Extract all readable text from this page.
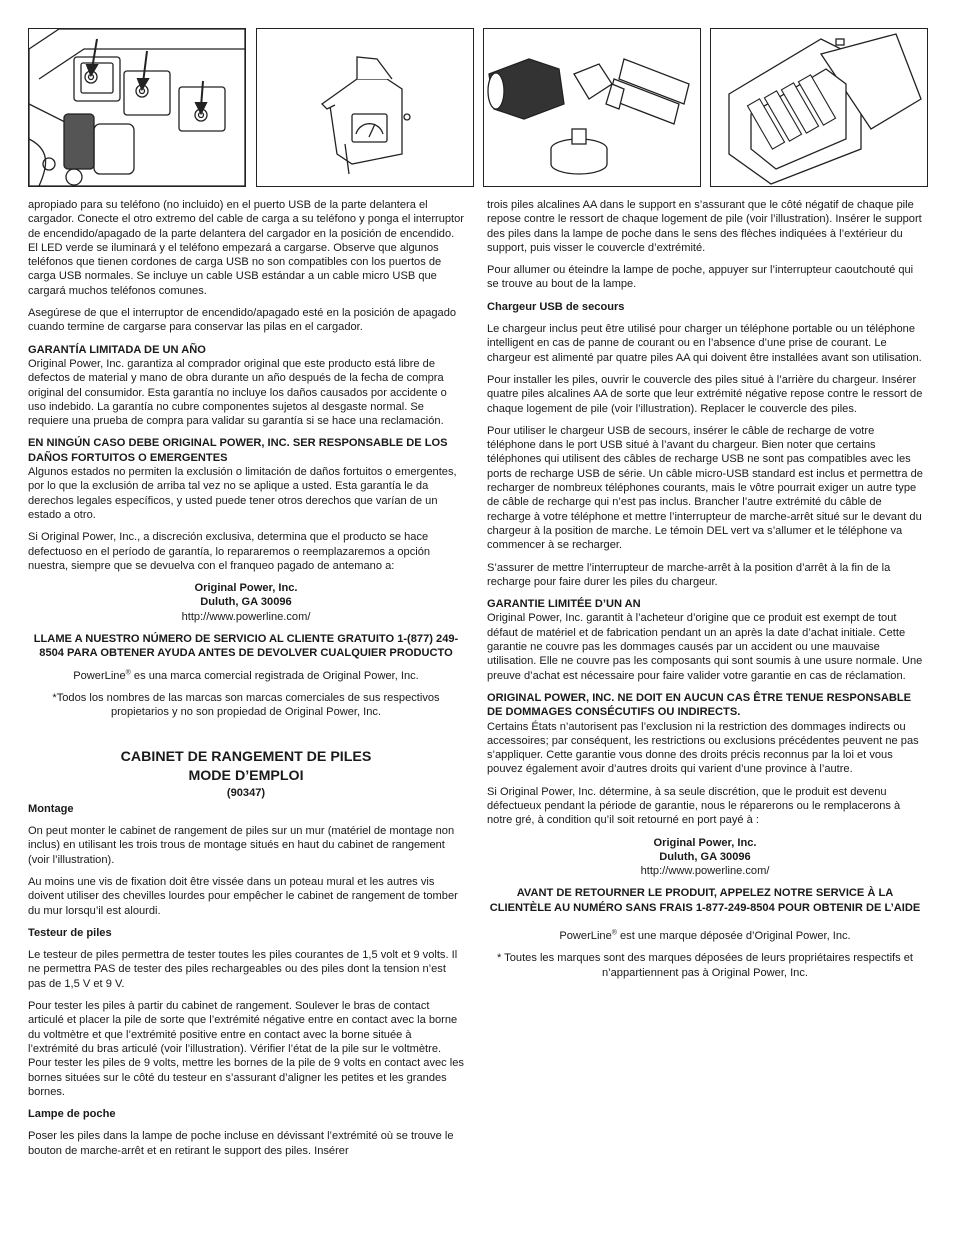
apropiado para su teléfono (no incluido) en el puerto USB de la parte delantera el cargador. Conecte el otro extremo del cable de carga a su teléfono y ponga el interruptor de encendido/apagado de la parte delantera del cargador en la posición de encendido. El LED verde se iluminará y el teléfono empezará a cargarse. Observe que algunos teléfonos que tienen cordones de carga USB no son compatibles con los puertos de carga USB normales. Se incluye un cable USB estándar a un cable micro USB que cargará muchos teléfonos comunes.

Asegúrese de que el interruptor de encendido/apagado esté en la posición de apagado cuando termine de cargarse para conservar las pilas en el cargador.

GARANTÍA LIMITADA DE UN AÑO

Original Power, Inc. garantiza al comprador original que este producto está libre de defectos de material y mano de obra durante un año después de la fecha de compra original del consumidor. Esta garantía no incluye los daños causados por accidente o uso indebido. La garantía no cubre componentes sujetos al desgaste normal. Se requiere una prueba de compra para validar su garantía si se hace una reclamación.

EN NINGÚN CASO DEBE ORIGINAL POWER, INC. SER RESPONSABLE DE LOS DAÑOS FORTUITOS O EMERGENTES

Algunos estados no permiten la exclusión o limitación de daños fortuitos o emergentes, por lo que la exclusión de arriba tal vez no se aplique a usted. Esta garantía le da derechos legales específicos, y usted puede tener otros derechos que varían de un estado a otro.

Si Original Power, Inc., a discreción exclusiva, determina que el producto se hace defectuoso en el período de garantía, lo repararemos o reemplazaremos a opción nuestra, siempre que se devuelva con el franqueo pagado de antemano a:

Original Power, Inc.
Duluth, GA 30096
http://www.powerline.com/

LLAME A NUESTRO NÚMERO DE SERVICIO AL CLIENTE GRATUITO 1-(877) 249-8504 PARA OBTENER AYUDA ANTES DE DEVOLVER CUALQUIER PRODUCTO

PowerLine® es una marca comercial registrada de Original Power, Inc.

*Todos los nombres de las marcas son marcas comerciales de sus respectivos propietarios y no son propiedad de Original Power, Inc.

CABINET DE RANGEMENT DE PILES
MODE D’EMPLOI
(90347)

Montage

On peut monter le cabinet de rangement de piles sur un mur (matériel de montage non inclus) en utilisant les trois trous de montage situés en haut du cabinet de rangement (voir l’illustration).

Au moins une vis de fixation doit être vissée dans un poteau mural et les autres vis doivent utiliser des chevilles lourdes pour empêcher le cabinet de rangement de tomber du mur lorsqu’il est alourdi.

Testeur de piles

Le testeur de piles permettra de tester toutes les piles courantes de 1,5 volt et 9 volts. Il ne permettra PAS de tester des piles rechargeables ou des piles dont la tension n’est pas de 1,5 V et 9 V.

Pour tester les piles à partir du cabinet de rangement. Soulever le bras de contact articulé et placer la pile de sorte que l’extrémité négative entre en contact avec la borne du voltmètre et que l’extrémité positive entre en contact avec la borne située à l’extrémité du bras articulé (voir l’illustration). Vérifier l’état de la pile sur le voltmètre. Pour tester les piles de 9 volts, mettre les bornes de la pile de 9 volts en contact avec les bornes situées sur le côté du testeur en s’assurant d’aligner les petites et les grandes bornes.

Lampe de poche

Poser les piles dans la lampe de poche incluse en dévissant l’extrémité où se trouve le bouton de marche-arrêt et en retirant le support des piles. Insérer

trois piles alcalines AA dans le support en s’assurant que le côté négatif de chaque pile repose contre le ressort de chaque logement de pile (voir l’illustration). Insérer le support des piles dans la lampe de poche dans le sens des flèches indiquées à l’extérieur du support, puis visser le couvercle d’extrémité.

Pour allumer ou éteindre la lampe de poche, appuyer sur l’interrupteur caoutchouté qui se trouve au bout de la lampe.

Chargeur USB de secours

Le chargeur inclus peut être utilisé pour charger un téléphone portable ou un téléphone intelligent en cas de panne de courant ou en l’absence d’une prise de courant. Le chargeur est alimenté par quatre piles AA qui doivent être installées avant son utilisation.

Pour installer les piles, ouvrir le couvercle des piles situé à l’arrière du chargeur. Insérer quatre piles alcalines AA de sorte que leur extrémité négative repose contre le ressort de chaque logement de pile (voir l’illustration). Replacer le couvercle des piles.

Pour utiliser le chargeur USB de secours, insérer le câble de recharge de votre téléphone dans le port USB situé à l’avant du chargeur. Bien noter que certains téléphones qui utilisent des câbles de recharge USB ne sont pas compatibles avec les ports de recharge USB de série. Un câble micro-USB standard est inclus et permettra de recharger de nombreux téléphones courants, mais le vôtre pourrait exiger un autre type de câble de recharge qui n’est pas inclus. Brancher l’autre extrémité du câble de recharge à votre téléphone et mettre l’interrupteur de marche-arrêt situé sur le devant du chargeur à la position de marche. Le témoin DEL vert va s’allumer et le téléphone va commencer à se recharger.

S’assurer de mettre l’interrupteur de marche-arrêt à la position d’arrêt à la fin de la recharge pour faire durer les piles du chargeur.

GARANTIE LIMITÉE D’UN AN

Original Power, Inc. garantit à l’acheteur d’origine que ce produit est exempt de tout défaut de matériel et de fabrication pendant un an après la date d’achat initiale. Cette garantie ne couvre pas les dommages causés par un accident ou une mauvaise utilisation. Elle ne couvre pas les composants qui sont soumis à une usure normale. Une preuve d’achat est nécessaire pour faire valider votre garantie en cas de réclamation.

ORIGINAL POWER, INC. NE DOIT EN AUCUN CAS ÊTRE TENUE RESPONSABLE DE DOMMAGES CONSÉCUTIFS OU INDIRECTS.

Certains États n’autorisent pas l’exclusion ni la restriction des dommages indirects ou accessoires; par conséquent, les restrictions ou exclusions précédentes peuvent ne pas s’appliquer. Cette garantie vous donne des droits précis reconnus par la loi et vous pouvez également avoir d’autres droits qui varient d’une province à l’autre.

Si Original Power, Inc. détermine, à sa seule discrétion, que le produit est devenu défectueux pendant la période de garantie, nous le réparerons ou le remplacerons à notre gré, à condition qu’il soit retourné en port payé à :

Original Power, Inc.
Duluth, GA 30096
http://www.powerline.com/

AVANT DE RETOURNER LE PRODUIT, APPELEZ NOTRE SERVICE À LA CLIENTÈLE AU NUMÉRO SANS FRAIS 1-877-249-8504 POUR OBTENIR DE L’AIDE

PowerLine® est une marque déposée d’Original Power, Inc.

* Toutes les marques sont des marques déposées de leurs propriétaires respectifs et n’appartiennent pas à Original Power, Inc.
